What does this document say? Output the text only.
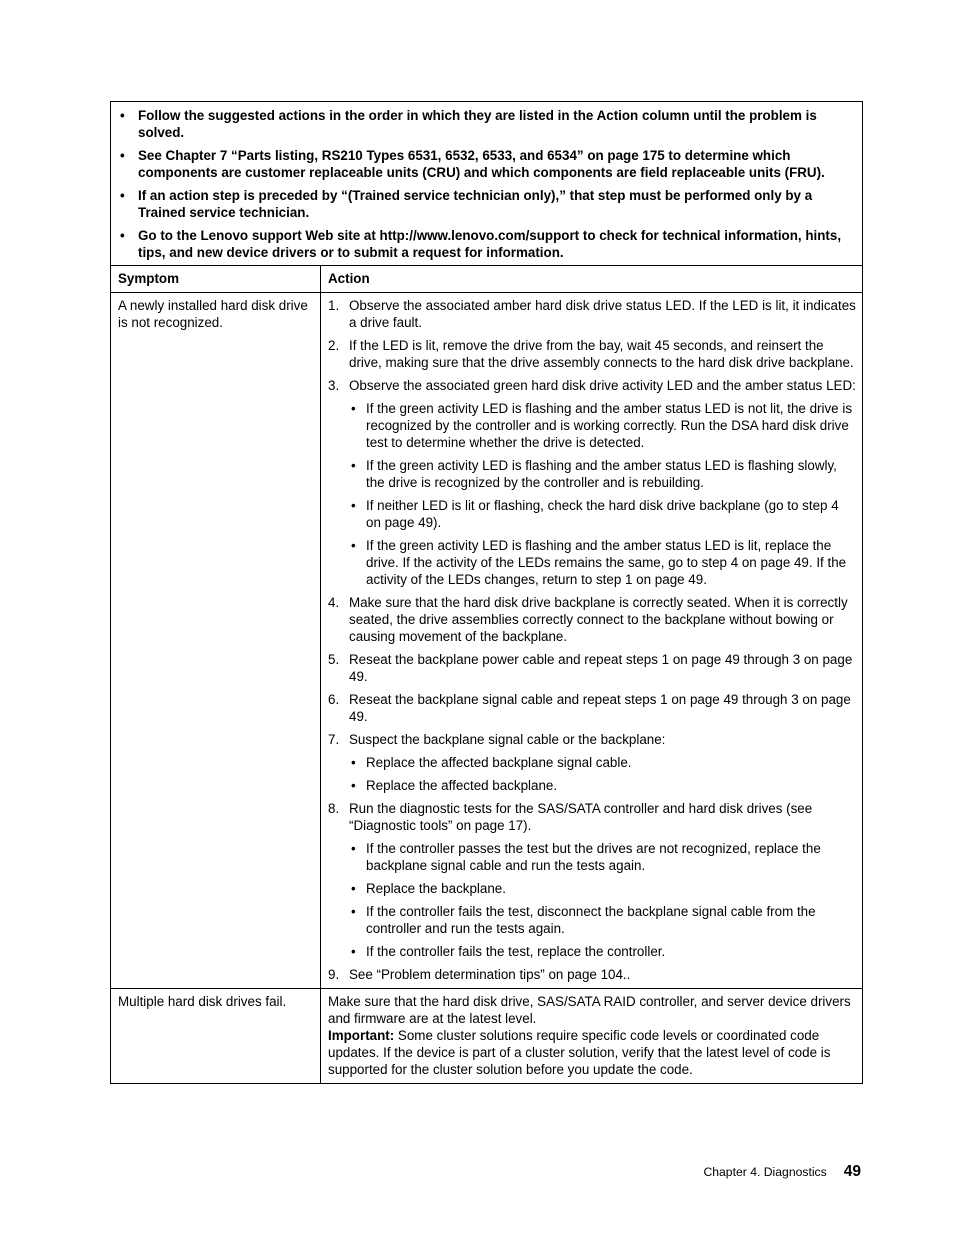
• Follow the suggested actions in the order in which they are listed in the Action column until the problem is solved.
• See Chapter 7 “Parts listing, RS210 Types 6531, 6532, 6533, and 6534” on page 175 to determine which components are customer replaceable units (CRU) and which components are field replaceable units (FRU).
• If an action step is preceded by “(Trained service technician only),” that step must be performed only by a Trained service technician.
• Go to the Lenovo support Web site at http://www.lenovo.com/support to check for technical information, hints, tips, and new device drivers or to submit a request for information.
Symptom	Action
A newly installed hard disk drive is not recognized.
1. Observe the associated amber hard disk drive status LED. If the LED is lit, it indicates a drive fault.
2. If the LED is lit, remove the drive from the bay, wait 45 seconds, and reinsert the drive, making sure that the drive assembly connects to the hard disk drive backplane.
3. Observe the associated green hard disk drive activity LED and the amber status LED:
• If the green activity LED is flashing and the amber status LED is not lit, the drive is recognized by the controller and is working correctly. Run the DSA hard disk drive test to determine whether the drive is detected.
• If the green activity LED is flashing and the amber status LED is flashing slowly, the drive is recognized by the controller and is rebuilding.
• If neither LED is lit or flashing, check the hard disk drive backplane (go to step 4 on page 49).
• If the green activity LED is flashing and the amber status LED is lit, replace the drive. If the activity of the LEDs remains the same, go to step 4 on page 49. If the activity of the LEDs changes, return to step 1 on page 49.
4. Make sure that the hard disk drive backplane is correctly seated. When it is correctly seated, the drive assemblies correctly connect to the backplane without bowing or causing movement of the backplane.
5. Reseat the backplane power cable and repeat steps 1 on page 49 through 3 on page 49.
6. Reseat the backplane signal cable and repeat steps 1 on page 49 through 3 on page 49.
7. Suspect the backplane signal cable or the backplane:
• Replace the affected backplane signal cable.
• Replace the affected backplane.
8. Run the diagnostic tests for the SAS/SATA controller and hard disk drives (see “Diagnostic tools” on page 17).
• If the controller passes the test but the drives are not recognized, replace the backplane signal cable and run the tests again.
• Replace the backplane.
• If the controller fails the test, disconnect the backplane signal cable from the controller and run the tests again.
• If the controller fails the test, replace the controller.
9. See “Problem determination tips” on page 104..
Multiple hard disk drives fail.	Make sure that the hard disk drive, SAS/SATA RAID controller, and server device drivers and firmware are at the latest level.
Important: Some cluster solutions require specific code levels or coordinated code updates. If the device is part of a cluster solution, verify that the latest level of code is supported for the cluster solution before you update the code.
Chapter 4. Diagnostics 49
